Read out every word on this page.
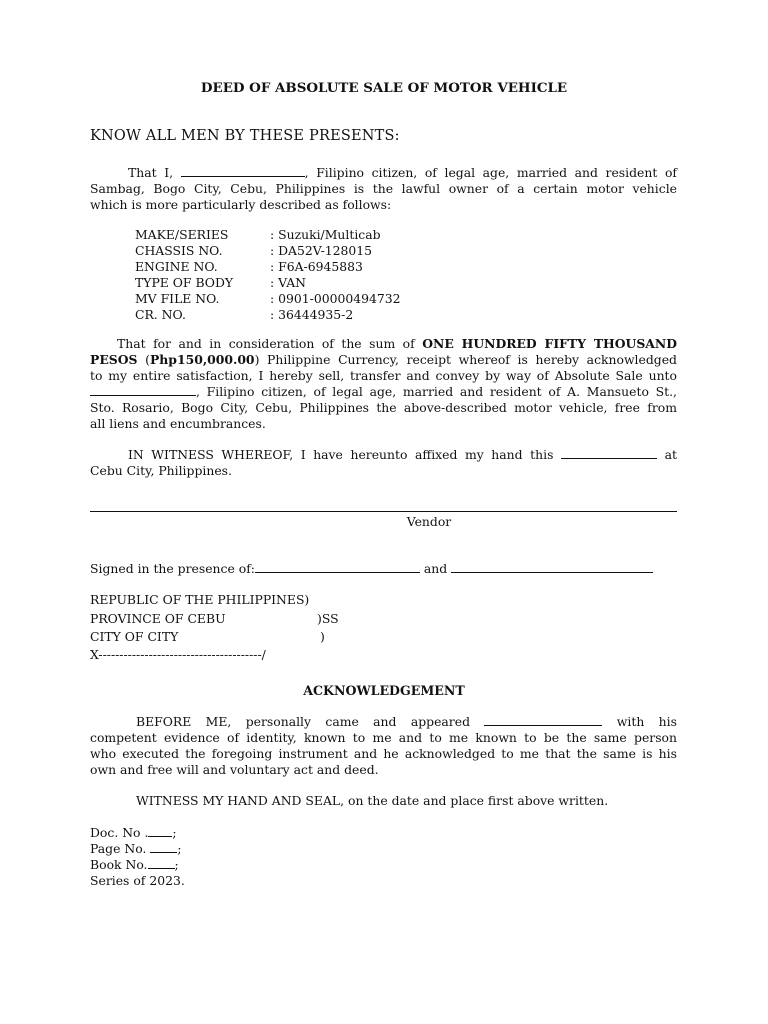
DEED OF ABSOLUTE SALE OF MOTOR VEHICLE
KNOW ALL MEN BY THESE PRESENTS:
That I,	, Filipino citizen, of legal age, married and resident of
Sambag, Bogo City, Cebu, Philippines is the lawful owner of a certain motor vehicle
which is more particularly described as follows:
MAKE/SERIES	: Suzuki/Multicab
CHASSIS NO.	: DA52V-128015
ENGINE NO.	: F6A-6945883
TYPE OF BODY	: VAN
MV FILE NO.	: 0901-00000494732
CR. NO.	: 36444935-2
That for and in consideration of the sum of ONE HUNDRED FIFTY THOUSAND
PESOS (Php150,000.00) Philippine Currency, receipt whereof is hereby acknowledged
to my entire satisfaction, I hereby sell, transfer and convey by way of Absolute Sale unto
, Filipino citizen, of legal age, married and resident of A. Mansueto St.,
Sto. Rosario, Bogo City, Cebu, Philippines the above-described motor vehicle, free from
all liens and encumbrances.
IN WITNESS WHEREOF, I have hereunto affixed my hand this	at
Cebu City, Philippines.
Vendor
Signed in the presence of:	and
REPUBLIC OF THE PHILIPPINES)
PROVINCE OF CEBU	)SS
CITY OF CITY	)
X---------------------------------------/
ACKNOWLEDGEMENT
BEFORE ME, personally came and appeared	with his
competent evidence of identity, known to me and to me known to be the same person
who executed the foregoing instrument and he acknowledged to me that the same is his
own and free will and voluntary act and deed.
WITNESS MY HAND AND SEAL, on the date and place first above written.
Doc. No . ;
Page No. ;
Book No. ;
Series of 2023.
